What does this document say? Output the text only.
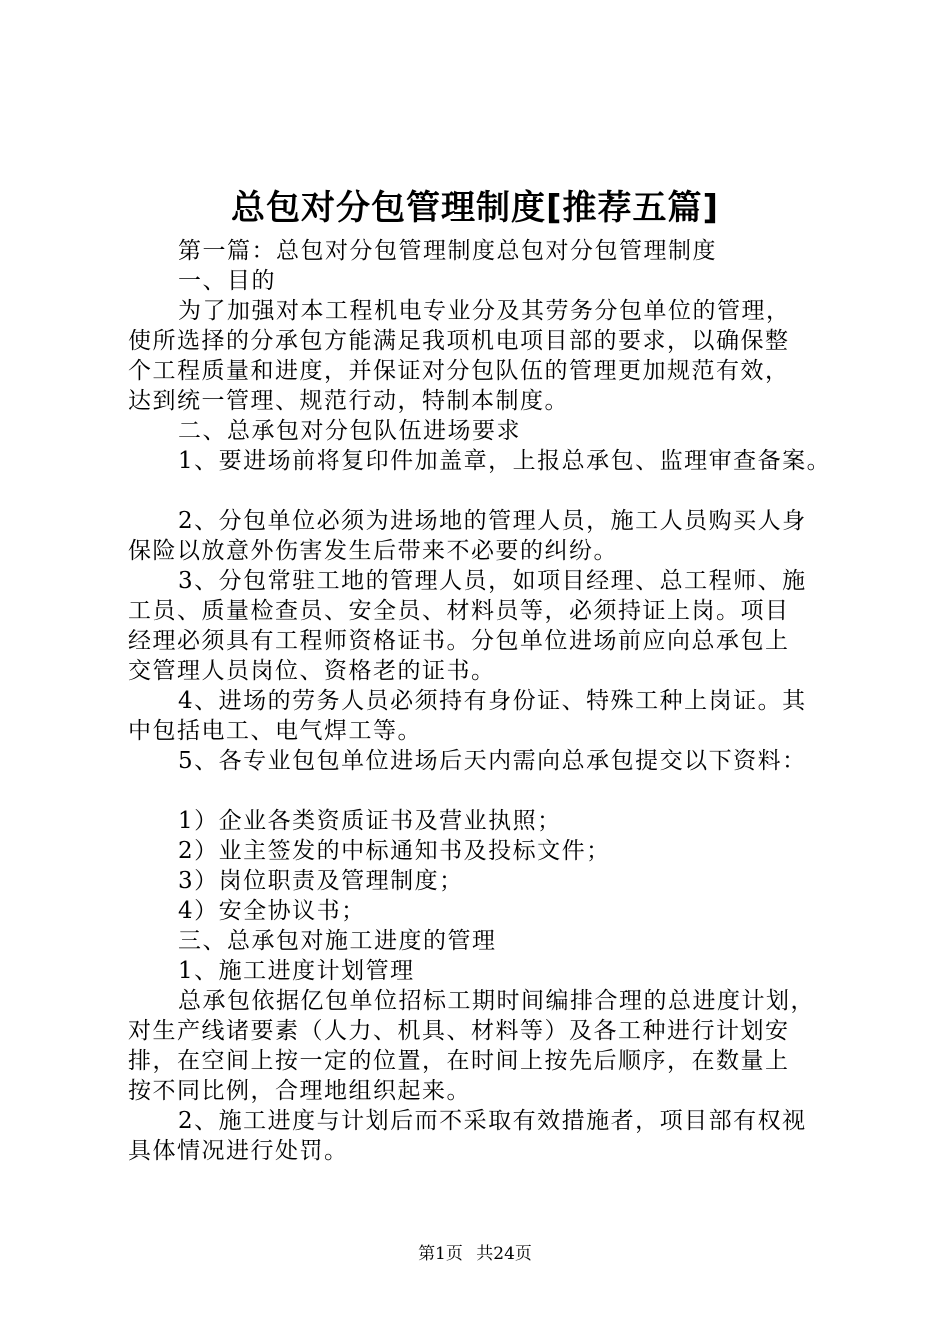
总包对分包管理制度[推荐五篇]
第一篇：总包对分包管理制度总包对分包管理制度
一、目的
为了加强对本工程机电专业分及其劳务分包单位的管理，
使所选择的分承包方能满足我项机电项目部的要求，以确保整
个工程质量和进度，并保证对分包队伍的管理更加规范有效，
达到统一管理、规范行动，特制本制度。
二、总承包对分包队伍进场要求
1、要进场前将复印件加盖章，上报总承包、监理审查备案。
2、分包单位必须为进场地的管理人员，施工人员购买人身
保险以放意外伤害发生后带来不必要的纠纷。
3、分包常驻工地的管理人员，如项目经理、总工程师、施
工员、质量检查员、安全员、材料员等，必须持证上岗。项目
经理必须具有工程师资格证书。分包单位进场前应向总承包上
交管理人员岗位、资格老的证书。
4、进场的劳务人员必须持有身份证、特殊工种上岗证。其
中包括电工、电气焊工等。
5、各专业包包单位进场后天内需向总承包提交以下资料：
1）企业各类资质证书及营业执照；
2）业主签发的中标通知书及投标文件；
3）岗位职责及管理制度；
4）安全协议书；
三、总承包对施工进度的管理
1、施工进度计划管理
总承包依据亿包单位招标工期时间编排合理的总进度计划，
对生产线诸要素（人力、机具、材料等）及各工种进行计划安
排，在空间上按一定的位置，在时间上按先后顺序，在数量上
按不同比例，合理地组织起来。
2、施工进度与计划后而不采取有效措施者，项目部有权视
具体情况进行处罚。
第1页 共24页
